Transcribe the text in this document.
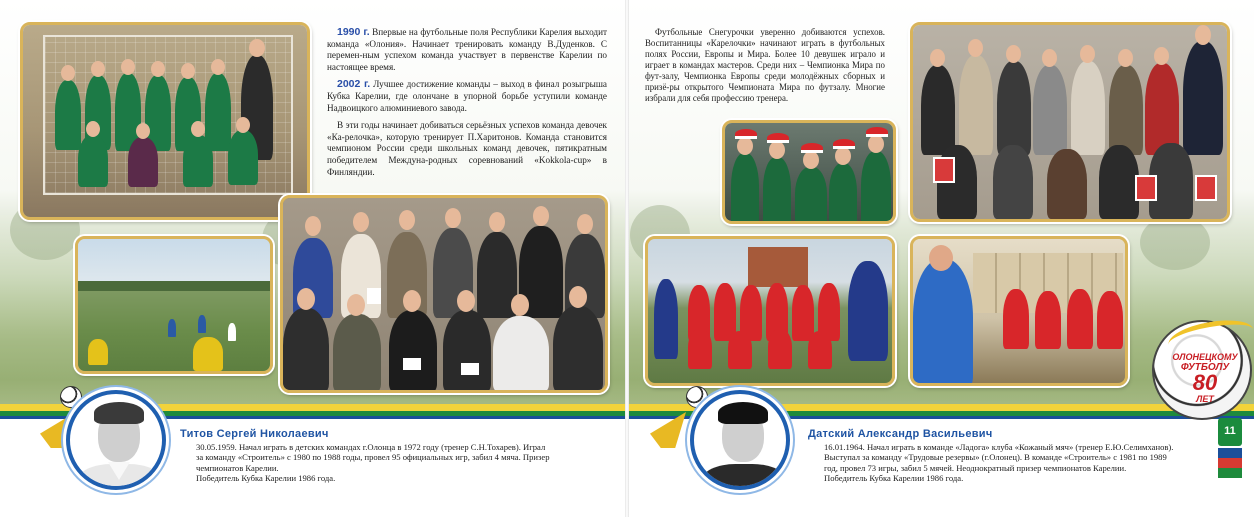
1990 г. Впервые на футбольные поля Республики Карелия выходит команда «Олония». Начинает тренировать команду В.Дуденков. С перемен-ным успехом команда участвует в первенстве Карелии по настоящее время.

2002 г. Лучшее достижение команды – выход в финал розыгрыша Кубка Карелии, где олончане в упорной борьбе уступили команде Надвоицкого алюминиевого завода.

В эти годы начинает добиваться серьёзных успехов команда девочек «Ка-релочка», которую тренирует П.Харитонов. Команда становится чемпионом России среди школьных команд девочек, пятикратным победителем Междуна-родных соревнований «Kokkola-cup» в Финляндии.

Футбольные Снегурочки уверенно добиваются успехов. Воспитанницы «Карелочки» начинают играть в футбольных полях России, Европы и Мира. Более 10 девушек играло и играет в командах мастеров. Среди них – Чемпионка Мира по фут-залу, Чемпионка Европы среди молодёжных сборных и призё-ры открытого Чемпионата Мира по футзалу. Многие избрали для себя профессию тренера.

Титов Сергей Николаевич
30.05.1959. Начал играть в детских командах г.Олонца в 1972 году (тренер С.Н.Тохарев). Играл
за команду «Строитель» с 1980 по 1988 годы, провел 95 официальных игр, забил 4 мяча. Призер
чемпионатов Карелии.
Победитель Кубка Карелии 1986 года.
Датский Александр Васильевич
16.01.1964. Начал играть в команде «Ладога» клуба «Кожаный мяч» (тренер Е.Ю.Селимханов).
Выступал за команду «Трудовые резервы» (г.Олонец). В команде «Строитель» с 1981 по 1989
год, провел 73 игры, забил 5 мячей. Неоднократный призер чемпионатов Карелии.
Победитель Кубка Карелии 1986 года.
ОЛОНЕЦКОМУ
ФУТБОЛУ
80
ЛЕТ
11
